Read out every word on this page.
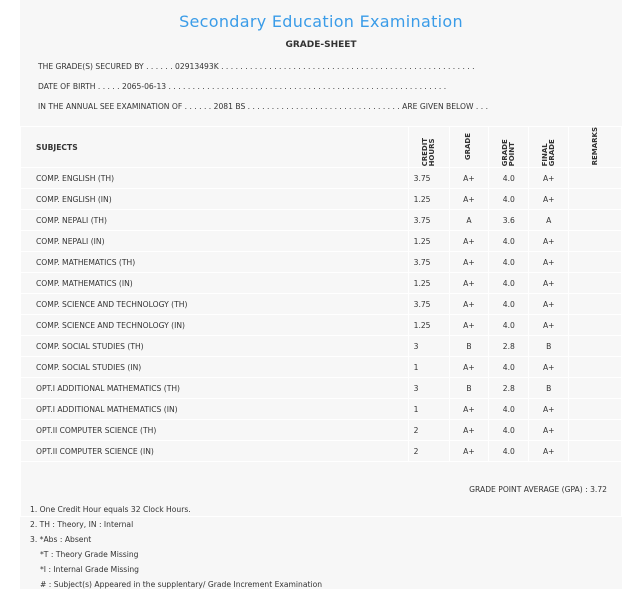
Secondary Education Examination
GRADE-SHEET
THE GRADE(S) SECURED BY . . . . . . 02913493K . . . . . . . . . . . . . . . . . . . . . . . . . . . . . . . . . . . . . . . . . . . . . . . . . . . . .
DATE OF BIRTH . . . . . 2065-06-13 . . . . . . . . . . . . . . . . . . . . . . . . . . . . . . . . . . . . . . . . . . . . . . . . . . . . . . . . . .
IN THE ANNUAL SEE EXAMINATION OF . . . . . . 2081 BS . . . . . . . . . . . . . . . . . . . . . . . . . . . . . . . . ARE GIVEN BELOW . . .
SUBJECTS	CREDIT HOURS	GRADE	GRADE POINT	FINAL GRADE	REMARKS
COMP. ENGLISH (TH)	3.75	A+	4.0	A+	
COMP. ENGLISH (IN)	1.25	A+	4.0	A+	
COMP. NEPALI (TH)	3.75	A	3.6	A	
COMP. NEPALI (IN)	1.25	A+	4.0	A+	
COMP. MATHEMATICS (TH)	3.75	A+	4.0	A+	
COMP. MATHEMATICS (IN)	1.25	A+	4.0	A+	
COMP. SCIENCE AND TECHNOLOGY (TH)	3.75	A+	4.0	A+	
COMP. SCIENCE AND TECHNOLOGY (IN)	1.25	A+	4.0	A+	
COMP. SOCIAL STUDIES (TH)	3	B	2.8	B	
COMP. SOCIAL STUDIES (IN)	1	A+	4.0	A+	
OPT.I ADDITIONAL MATHEMATICS (TH)	3	B	2.8	B	
OPT.I ADDITIONAL MATHEMATICS (IN)	1	A+	4.0	A+	
OPT.II COMPUTER SCIENCE (TH)	2	A+	4.0	A+	
OPT.II COMPUTER SCIENCE (IN)	2	A+	4.0	A+	
GRADE POINT AVERAGE (GPA) : 3.72					
1. One Credit Hour equals 32 Clock Hours.
2. TH : Theory, IN : Internal
3. *Abs : Absent
*T : Theory Grade Missing
*I : Internal Grade Missing
# : Subject(s) Appeared in the supplentary/ Grade Increment Examination
